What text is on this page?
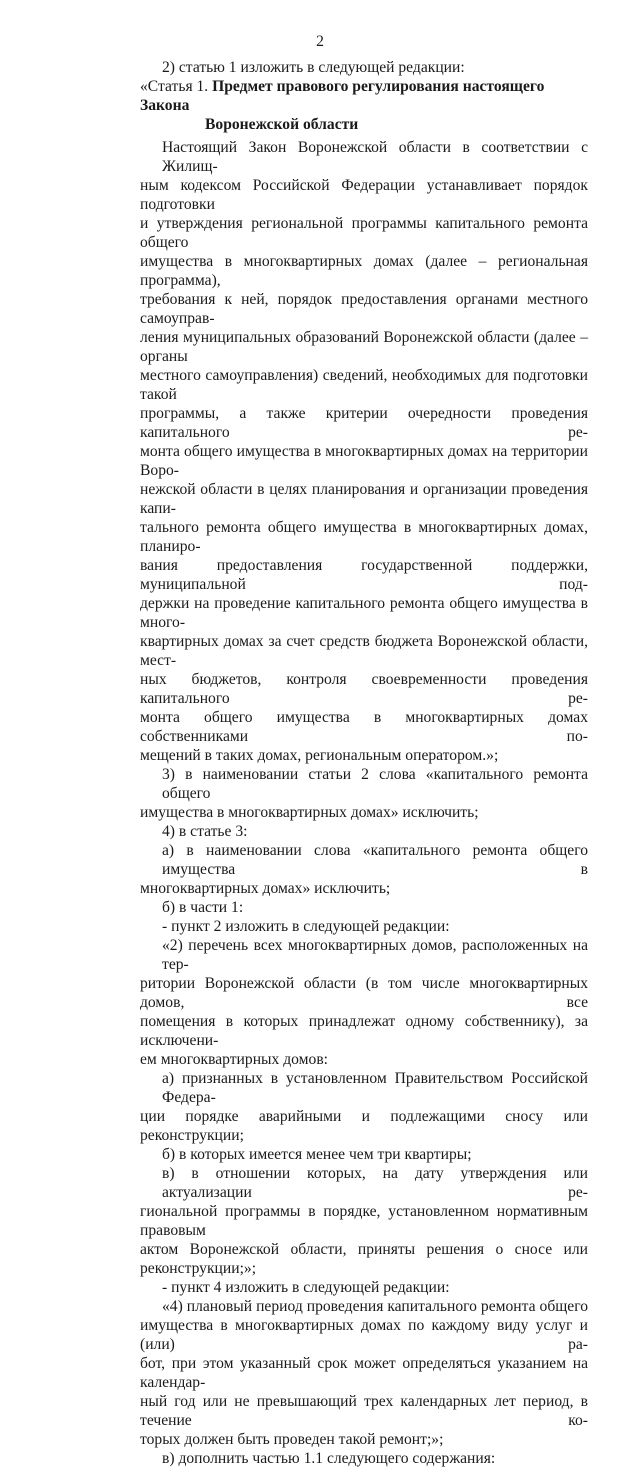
2

2) статью 1 изложить в следующей редакции:

«Статья 1. Предмет правового регулирования настоящего Закона
Воронежской области

Настоящий Закон Воронежской области в соответствии с Жилищ-
ным кодексом Российской Федерации устанавливает порядок подготовки
и утверждения региональной программы капитального ремонта общего
имущества в многоквартирных домах (далее – региональная программа),
требования к ней, порядок предоставления органами местного самоуправ-
ления муниципальных образований Воронежской области (далее – органы
местного самоуправления) сведений, необходимых для подготовки такой
программы, а также критерии очередности проведения капитального ре-
монта общего имущества в многоквартирных домах на территории Воро-
нежской области в целях планирования и организации проведения капи-
тального ремонта общего имущества в многоквартирных домах, планиро-
вания предоставления государственной поддержки, муниципальной под-
держки на проведение капитального ремонта общего имущества в много-
квартирных домах за счет средств бюджета Воронежской области, мест-
ных бюджетов, контроля своевременности проведения капитального ре-
монта общего имущества в многоквартирных домах собственниками по-
мещений в таких домах, региональным оператором.»;

3) в наименовании статьи 2 слова «капитального ремонта общего
имущества в многоквартирных домах» исключить;

4) в статье 3:

а) в наименовании слова «капитального ремонта общего имущества в
многоквартирных домах» исключить;

б) в части 1:

- пункт 2 изложить в следующей редакции:

«2) перечень всех многоквартирных домов, расположенных на тер-
ритории Воронежской области (в том числе многоквартирных домов, все
помещения в которых принадлежат одному собственнику), за исключени-
ем многоквартирных домов:

а) признанных в установленном Правительством Российской Федера-
ции порядке аварийными и подлежащими сносу или реконструкции;

б) в которых имеется менее чем три квартиры;

в) в отношении которых, на дату утверждения или актуализации ре-
гиональной программы в порядке, установленном нормативным правовым
актом Воронежской области, приняты решения о сносе или реконструкции;»;

- пункт 4 изложить в следующей редакции:

«4) плановый период проведения капитального ремонта общего
имущества в многоквартирных домах по каждому виду услуг и (или) ра-
бот, при этом указанный срок может определяться указанием на календар-
ный год или не превышающий трех календарных лет период, в течение ко-
торых должен быть проведен такой ремонт;»;

в) дополнить частью 1.1 следующего содержания:
